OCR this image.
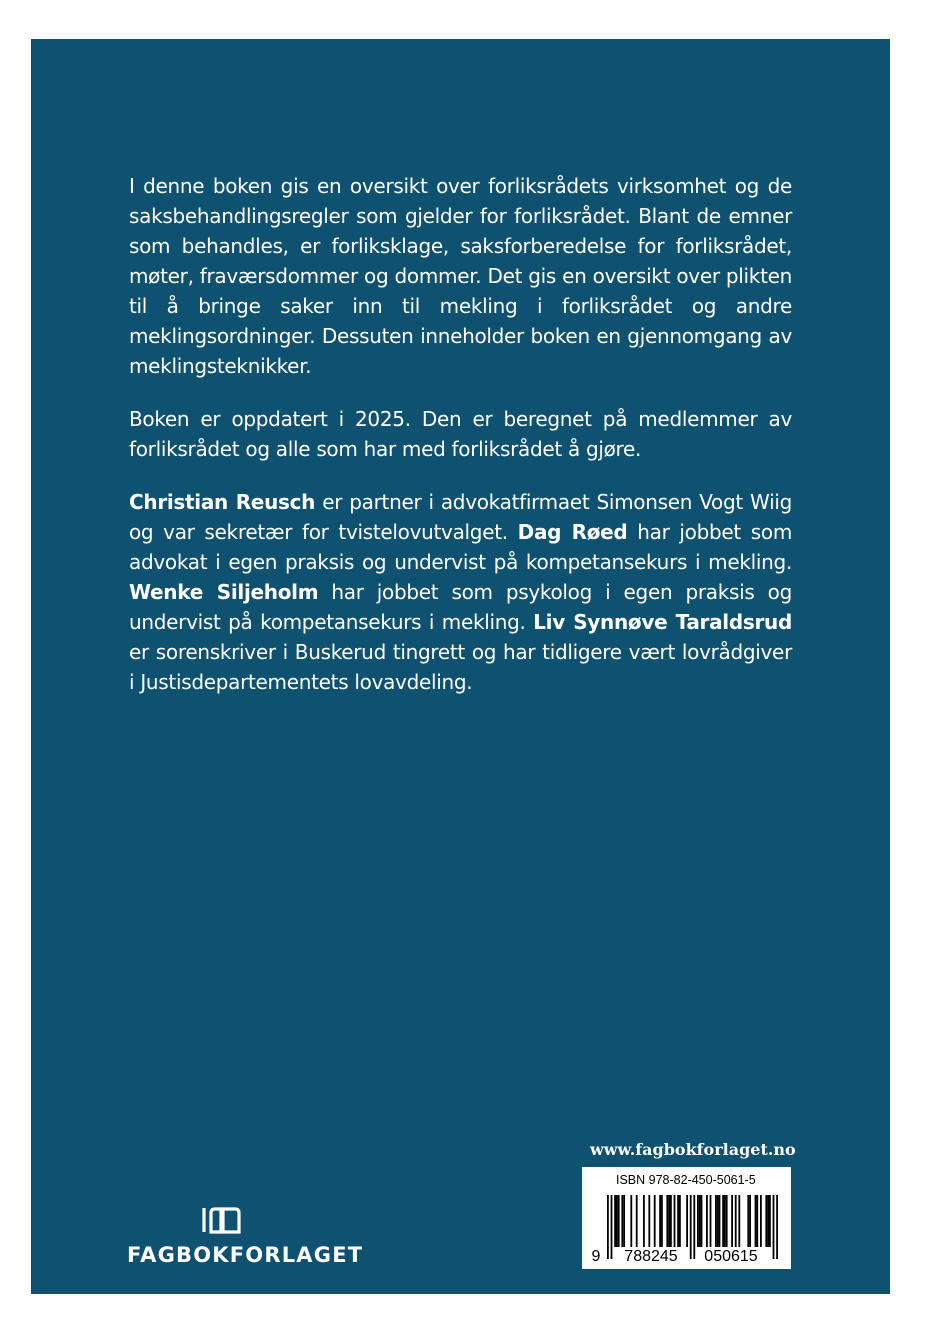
I denne boken gis en oversikt over forliksrådets virksomhet og de saksbehandlingsregler som gjelder for forliksrådet. Blant de emner som behandles, er forliksklage, saksforberedelse for forliksrådet, møter, fraværsdommer og dommer. Det gis en oversikt over plikten til å bringe saker inn til mekling i forliksrådet og andre meklingsordninger. Dessuten inneholder boken en gjennomgang av meklingsteknikker.

Boken er oppdatert i 2025. Den er beregnet på medlemmer av forliksrådet og alle som har med forliksrådet å gjøre.

Christian Reusch er partner i advokatfirmaet Simonsen Vogt Wiig og var sekretær for tvistelovutvalget. Dag Røed har jobbet som advokat i egen praksis og undervist på kompetansekurs i mekling. Wenke Siljeholm har jobbet som psykolog i egen praksis og undervist på kompetansekurs i mekling. Liv Synnøve Taraldsrud er sorenskriver i Buskerud tingrett og har tidligere vært lovrådgiver i Justisdepartementets lovavdeling.

FAGBOKFORLAGET
www.fagbokforlaget.no
9 788245 050615
ISBN 978-82-450-5061-5
